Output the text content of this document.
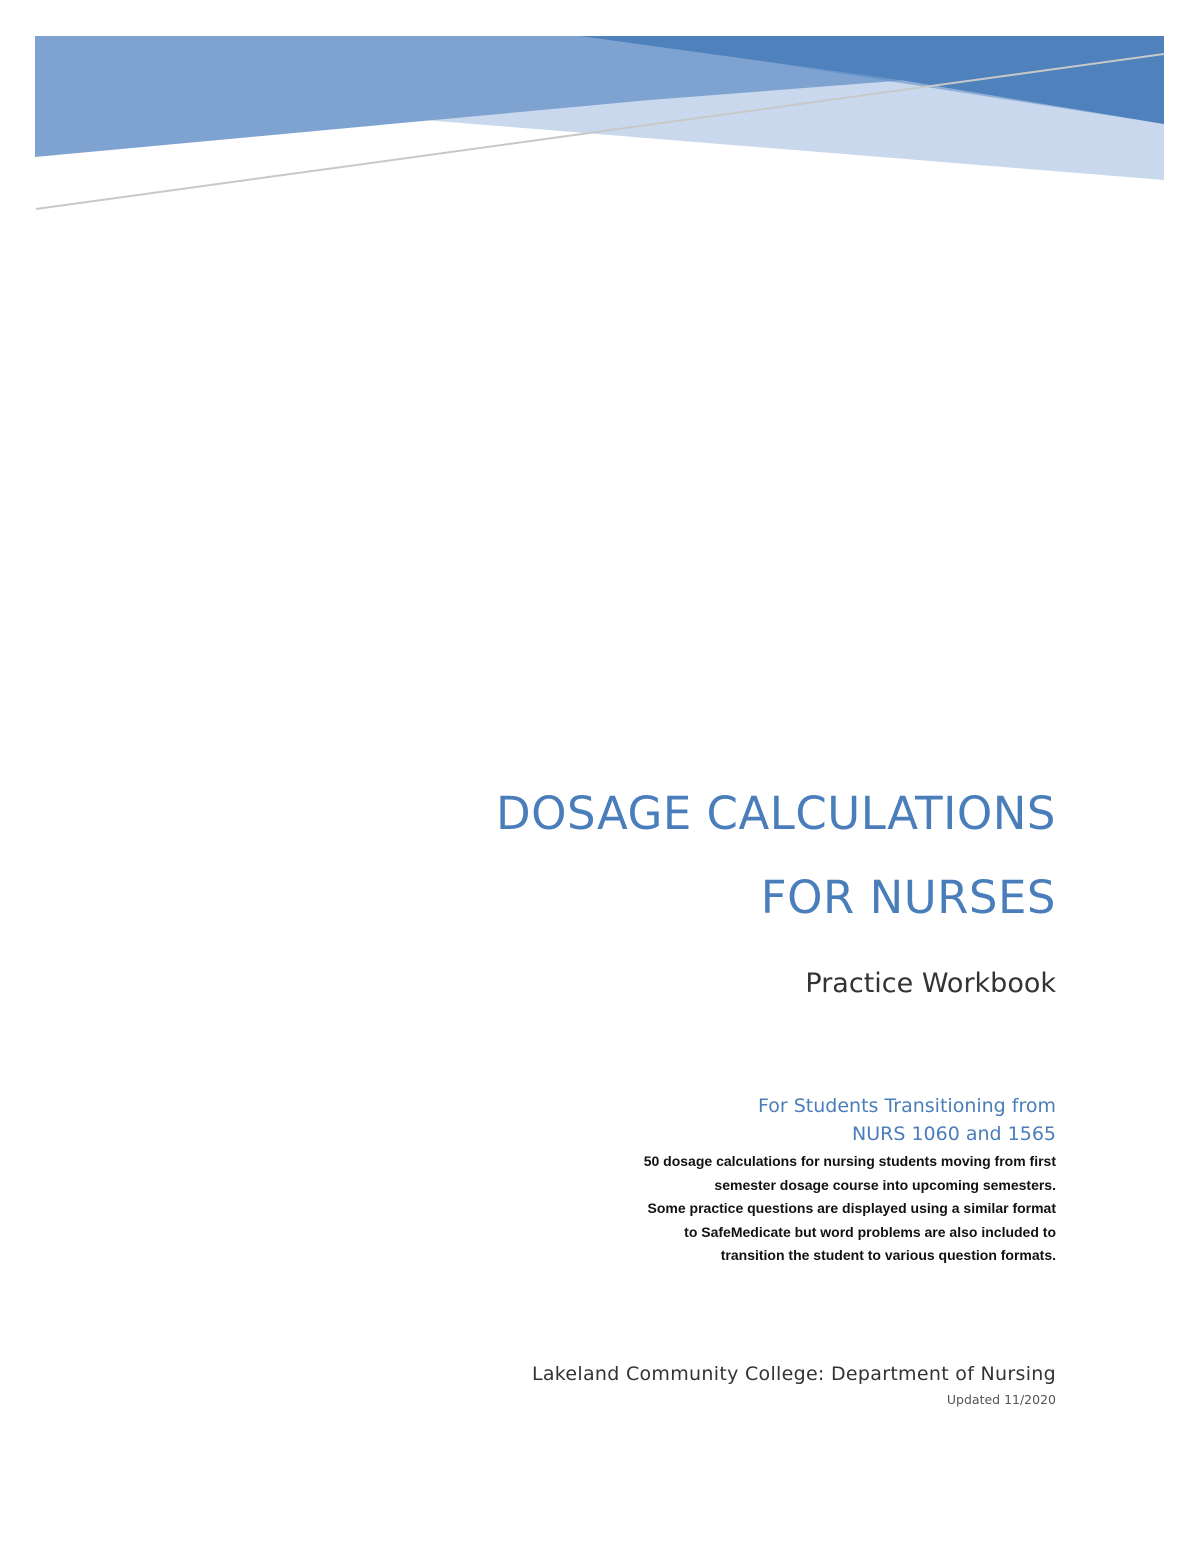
DOSAGE CALCULATIONS
FOR NURSES

Practice Workbook

For Students Transitioning from
NURS 1060 and 1565

50 dosage calculations for nursing students moving from first
semester dosage course into upcoming semesters.
Some practice questions are displayed using a similar format
to SafeMedicate but word problems are also included to
transition the student to various question formats.

Lakeland Community College: Department of Nursing

Updated 11/2020
